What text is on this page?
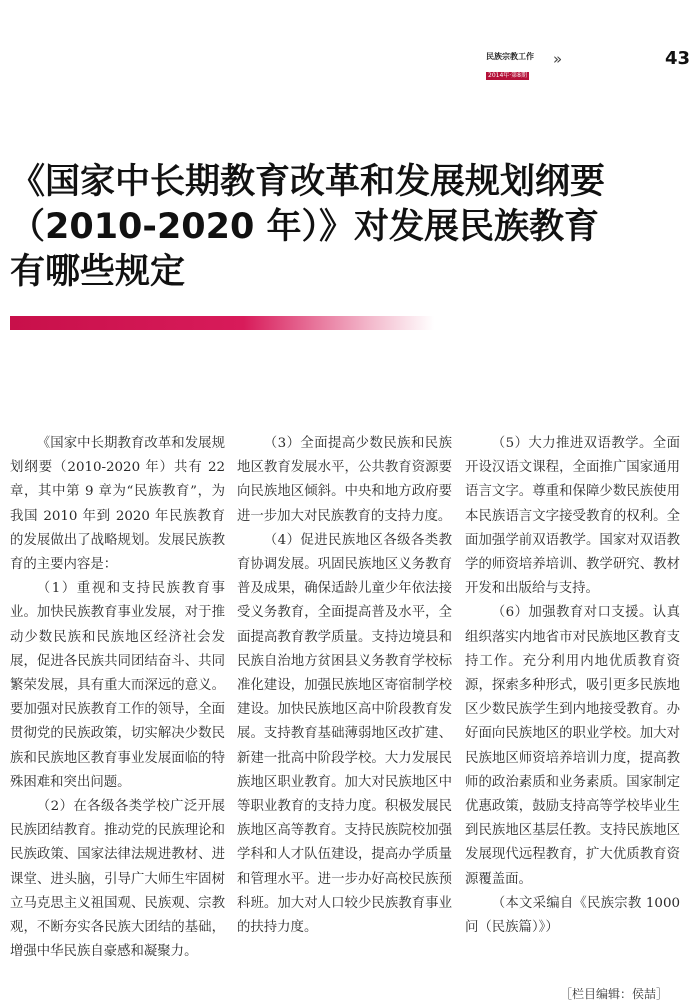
民族宗教工作
2014年·第8期
»	43
《国家中长期教育改革和发展规划纲要
（2010-2020 年）》对发展民族教育
有哪些规定

《国家中长期教育改革和发展规划纲要（2010-2020 年）共有 22 章，其中第 9 章为“民族教育”，为我国 2010 年到 2020 年民族教育的发展做出了战略规划。发展民族教育的主要内容是：

（1）重视和支持民族教育事业。加快民族教育事业发展，对于推动少数民族和民族地区经济社会发展，促进各民族共同团结奋斗、共同繁荣发展，具有重大而深远的意义。要加强对民族教育工作的领导，全面贯彻党的民族政策，切实解决少数民族和民族地区教育事业发展面临的特殊困难和突出问题。

（2）在各级各类学校广泛开展民族团结教育。推动党的民族理论和民族政策、国家法律法规进教材、进课堂、进头脑，引导广大师生牢固树立马克思主义祖国观、民族观、宗教观，不断夯实各民族大团结的基础，增强中华民族自豪感和凝聚力。

（3）全面提高少数民族和民族地区教育发展水平，公共教育资源要向民族地区倾斜。中央和地方政府要进一步加大对民族教育的支持力度。

（4）促进民族地区各级各类教育协调发展。巩固民族地区义务教育普及成果，确保适龄儿童少年依法接受义务教育，全面提高普及水平，全面提高教育教学质量。支持边境县和民族自治地方贫困县义务教育学校标准化建设，加强民族地区寄宿制学校建设。加快民族地区高中阶段教育发展。支持教育基础薄弱地区改扩建、新建一批高中阶段学校。大力发展民族地区职业教育。加大对民族地区中等职业教育的支持力度。积极发展民族地区高等教育。支持民族院校加强学科和人才队伍建设，提高办学质量和管理水平。进一步办好高校民族预科班。加大对人口较少民族教育事业的扶持力度。

（5）大力推进双语教学。全面开设汉语文课程，全面推广国家通用语言文字。尊重和保障少数民族使用本民族语言文字接受教育的权利。全面加强学前双语教学。国家对双语教学的师资培养培训、教学研究、教材开发和出版给与支持。

（6）加强教育对口支援。认真组织落实内地省市对民族地区教育支持工作。充分利用内地优质教育资源，探索多种形式，吸引更多民族地区少数民族学生到内地接受教育。办好面向民族地区的职业学校。加大对民族地区师资培养培训力度，提高教师的政治素质和业务素质。国家制定优惠政策，鼓励支持高等学校毕业生到民族地区基层任教。支持民族地区发展现代远程教育，扩大优质教育资源覆盖面。

（本文采编自《民族宗教 1000 问（民族篇）》）

［栏目编辑：侯喆］
